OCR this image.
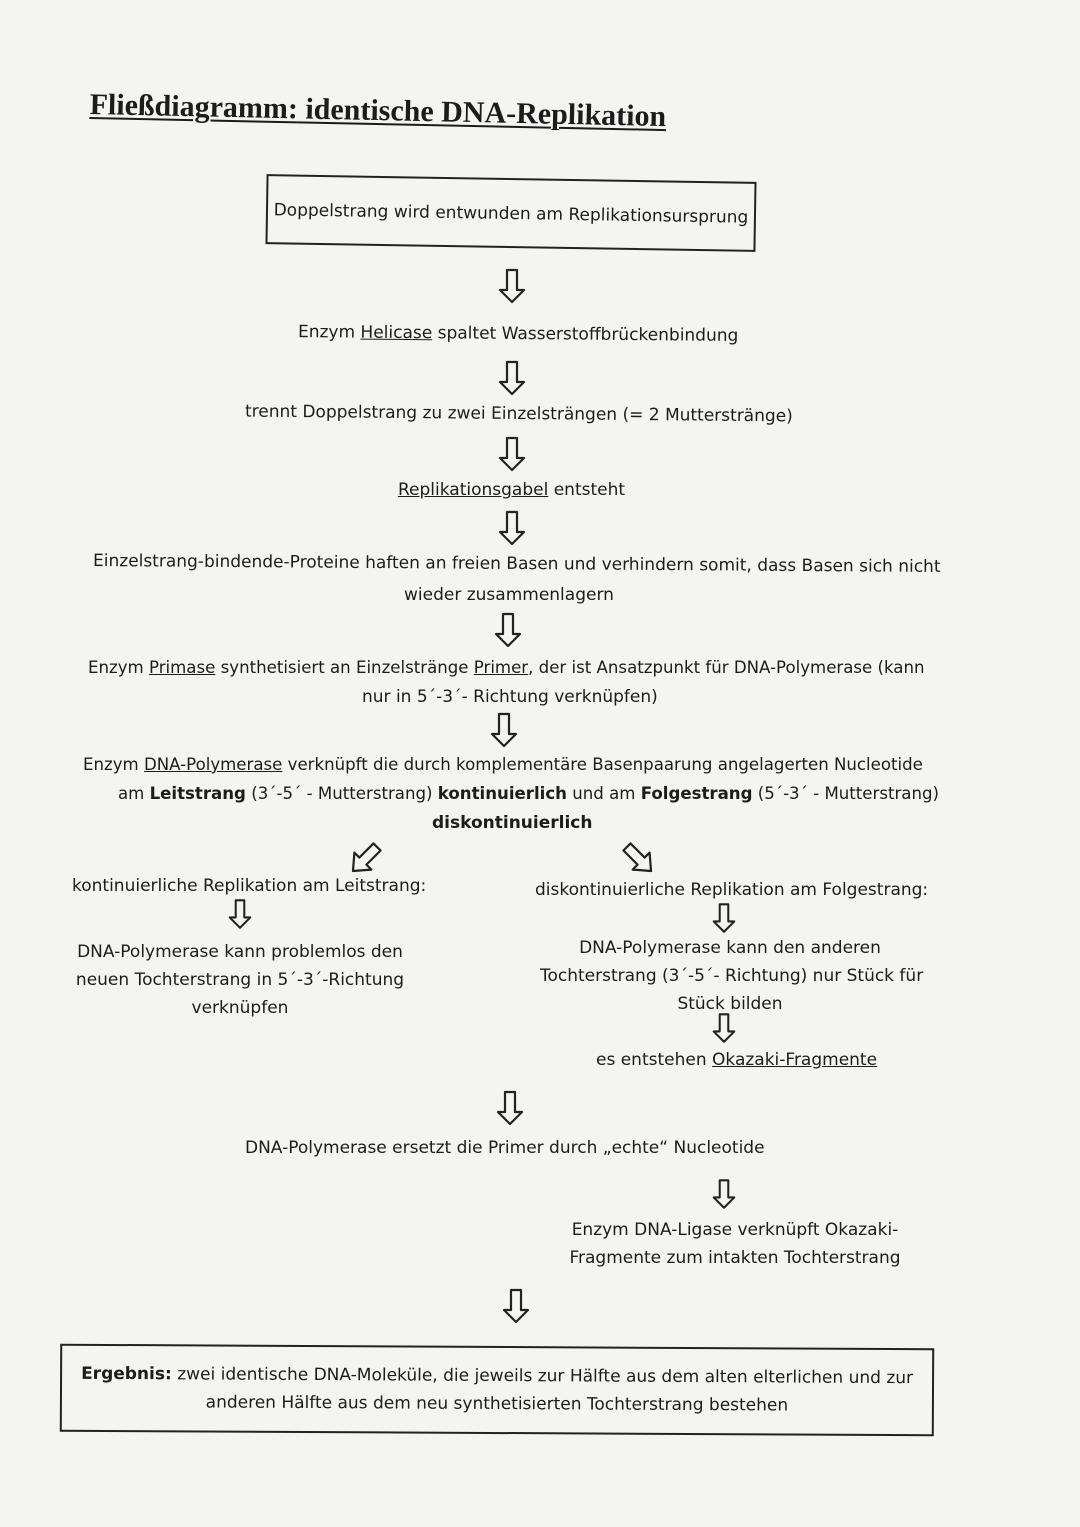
Fließdiagramm: identische DNA-Replikation
Doppelstrang wird entwunden am Replikationsursprung
Enzym Helicase spaltet Wasserstoffbrückenbindung
trennt Doppelstrang zu zwei Einzelsträngen (= 2 Mutterstränge)
Replikationsgabel entsteht
Einzelstrang-bindende-Proteine haften an freien Basen und verhindern somit, dass Basen sich nicht
wieder zusammenlagern
Enzym Primase synthetisiert an Einzelstränge Primer, der ist Ansatzpunkt für DNA-Polymerase (kann
nur in 5´-3´- Richtung verknüpfen)
Enzym DNA-Polymerase verknüpft die durch komplementäre Basenpaarung angelagerten Nucleotide
am Leitstrang (3´-5´ - Mutterstrang) kontinuierlich und am Folgestrang (5´-3´ - Mutterstrang)
diskontinuierlich
kontinuierliche Replikation am Leitstrang:
DNA-Polymerase kann problemlos den
neuen Tochterstrang in 5´-3´-Richtung
verknüpfen
diskontinuierliche Replikation am Folgestrang:
DNA-Polymerase kann den anderen
Tochterstrang (3´-5´- Richtung) nur Stück für
Stück bilden
es entstehen Okazaki-Fragmente
DNA-Polymerase ersetzt die Primer durch „echte“ Nucleotide
Enzym DNA-Ligase verknüpft Okazaki-
Fragmente zum intakten Tochterstrang
Ergebnis: zwei identische DNA-Moleküle, die jeweils zur Hälfte aus dem alten elterlichen und zur
anderen Hälfte aus dem neu synthetisierten Tochterstrang bestehen
